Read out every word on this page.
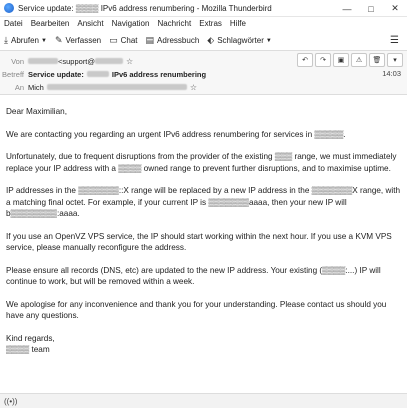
Service update: ▒▒▒▒ IPv6 address renumbering - Mozilla Thunderbird	—	□	✕
Datei	Bearbeiten	Ansicht	Navigation	Nachricht	Extras	Hilfe
⤓ Abrufen ▼ ✎ Verfassen ▭ Chat ▤ Adressbuch ⬖ Schlagwörter ▼	☰
Von	<support@	☆
Betreff Service update:	IPv6 address renumbering
An Mich	☆
↶	↷	▣	⚠	🗑	▾
14:03

Dear Maximilian,

We are contacting you regarding an urgent IPv6 address renumbering for services in ▒▒▒▒▒.

Unfortunately, due to frequent disruptions from the provider of the existing ▒▒▒ range, we must immediately replace your IP address with a ▒▒▒▒ owned range to prevent further disruptions, and to maximise uptime.

IP addresses in the ▒▒▒▒▒▒▒::X range will be replaced by a new IP address in the ▒▒▒▒▒▒▒X range, with a matching final octet. For example, if your current IP is ▒▒▒▒▒▒▒aaaa, then your new IP will b▒▒▒▒▒▒▒▒:aaaa.

If you use an OpenVZ VPS service, the IP should start working within the next hour. If you use a KVM VPS service, please manually reconfigure the address.

Please ensure all records (DNS, etc) are updated to the new IP address. Your existing (▒▒▒▒:...) IP will continue to work, but will be removed within a week.

We apologise for any inconvenience and thank you for your understanding. Please contact us should you have any questions.

Kind regards,
▒▒▒▒ team
((•))
